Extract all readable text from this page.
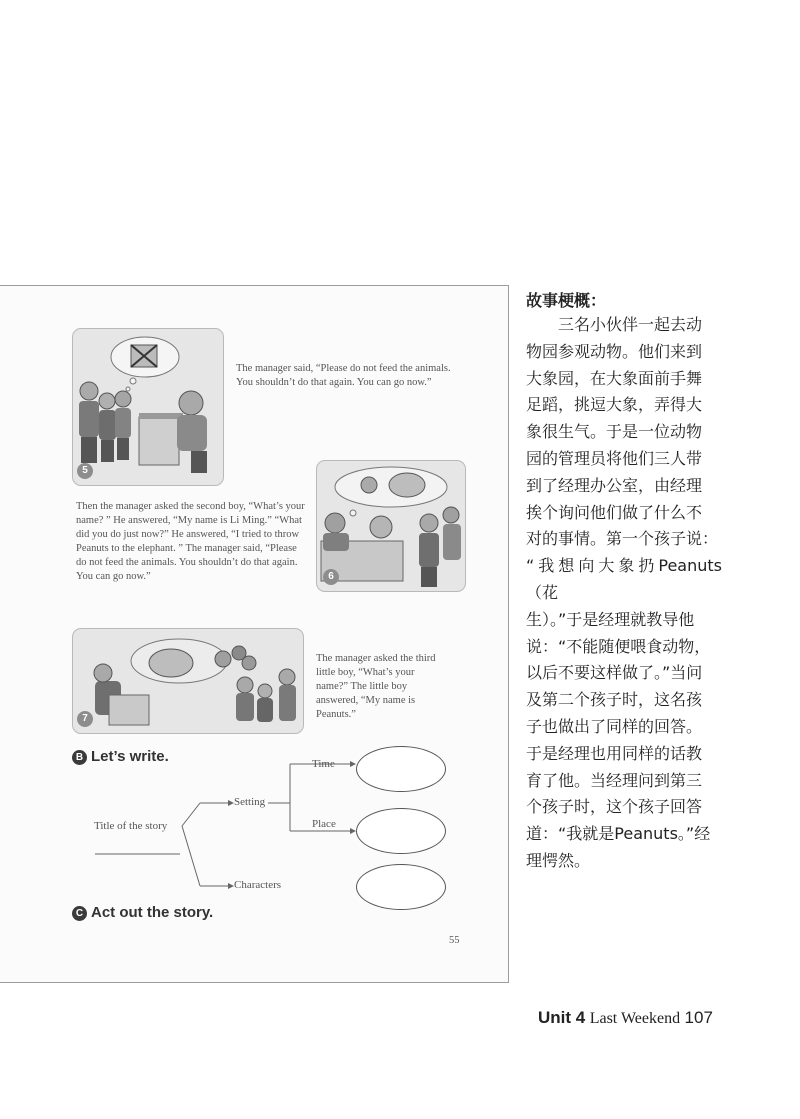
5
The manager said, “Please do not feed the animals. You shouldn’t do that again. You can go now.”
Then the manager asked the second boy, “What’s your name? ” He answered, “My name is Li Ming.” “What did you do just now?” He answered, “I tried to throw Peanuts to the elephant. ” The manager said, “Please do not feed the animals. You shouldn’t do that again. You can go now.”	6
7
The manager asked the third little boy, “What’s your name?” The little boy answered, “My name is Peanuts.”
B Let’s write.
Title of the story
Setting
Time
Place
Characters
C Act out the story.
55
故事梗概：
　　三名小伙伴一起去动
物园参观动物。他们来到
大象园，在大象面前手舞
足蹈，挑逗大象，弄得大
象很生气。于是一位动物
园的管理员将他们三人带
到了经理办公室，由经理
挨个询问他们做了什么不
对的事情。第一个孩子说：
“我想向大象扔Peanuts（花
生）。”于是经理就教导他
说：“不能随便喂食动物，
以后不要这样做了。”当问
及第二个孩子时，这名孩
子也做出了同样的回答。
于是经理也用同样的话教
育了他。当经理问到第三
个孩子时，这个孩子回答
道：“我就是Peanuts。”经
理愕然。
Unit 4 Last Weekend 107
